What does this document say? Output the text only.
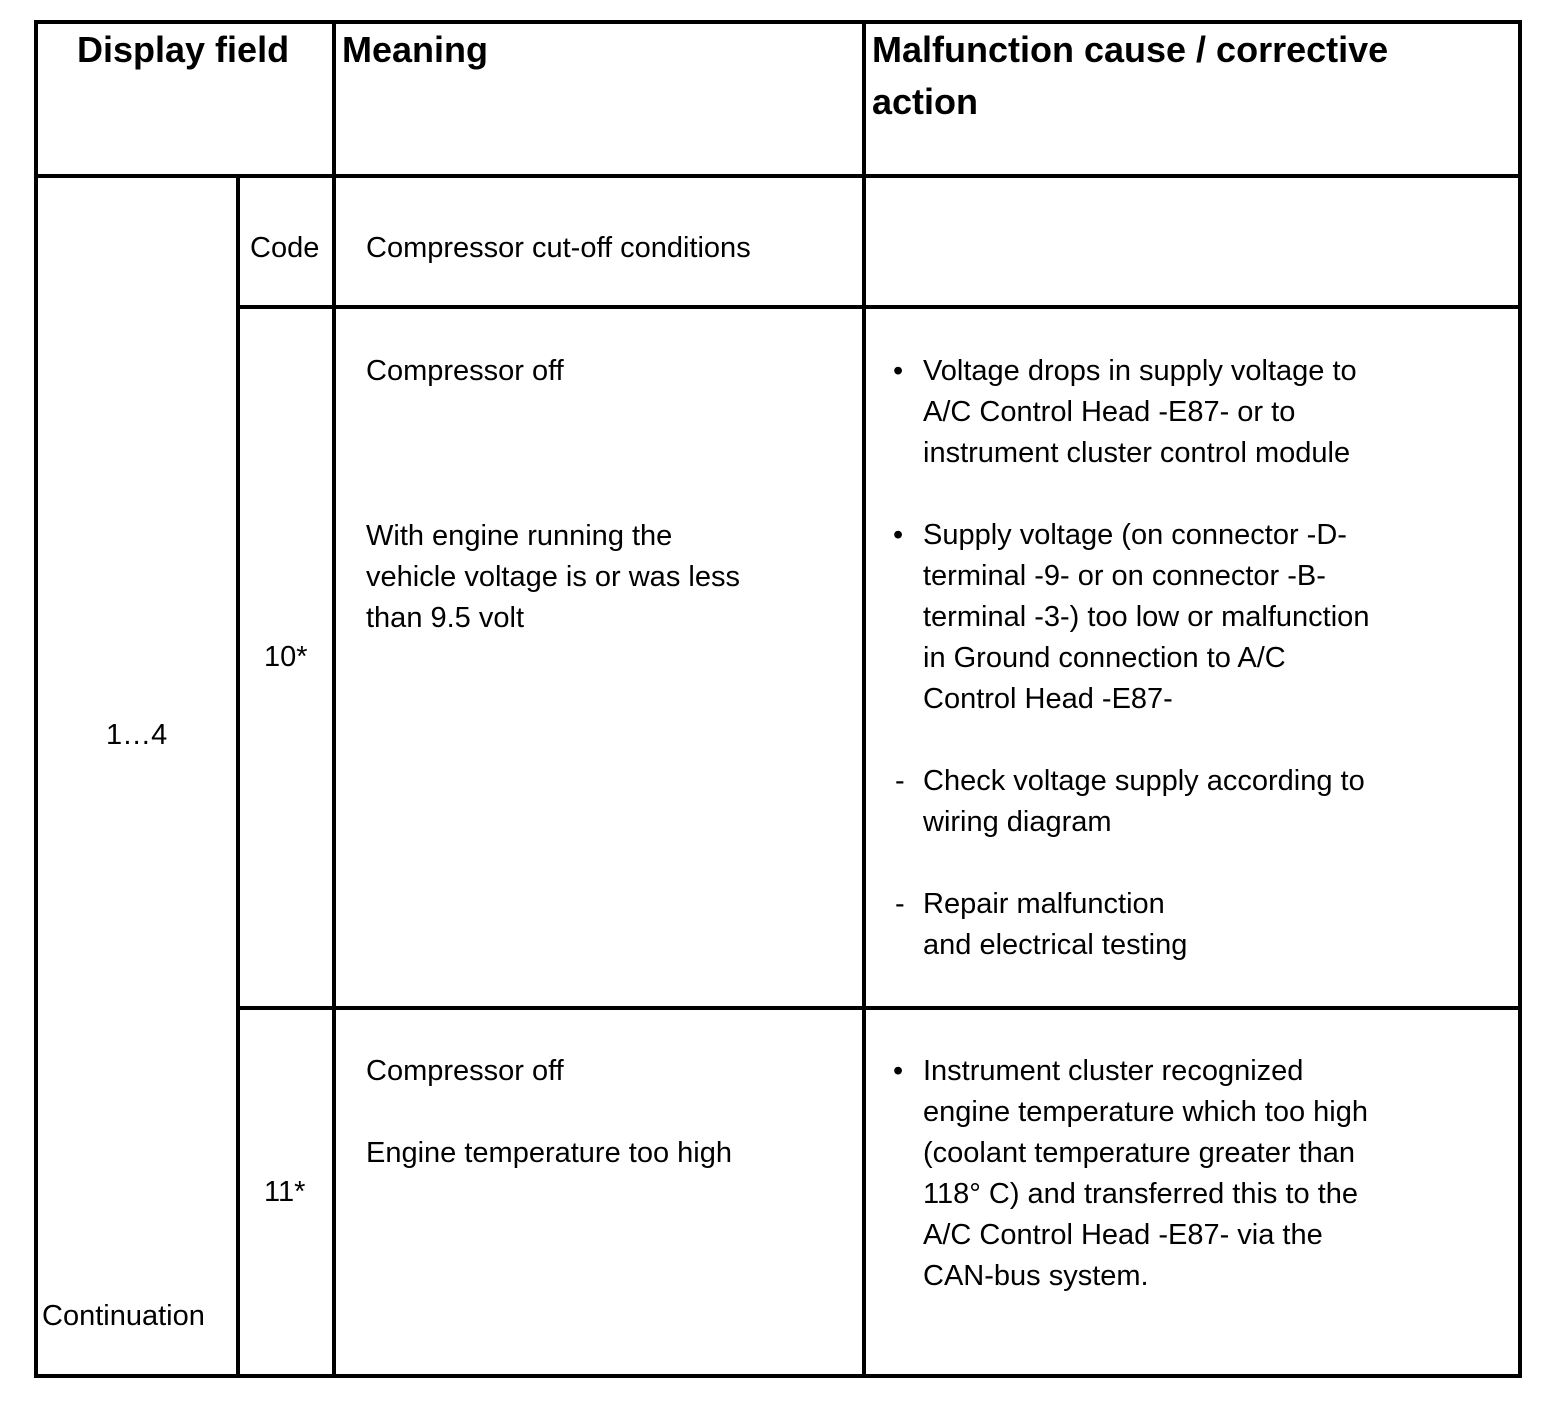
Display field Meaning	Malfunction cause / corrective
action
1…4
Continuation
Code Compressor cut-off conditions
10*
Compressor off
With engine running the
vehicle voltage is or was less
than 9.5 volt
• Voltage drops in supply voltage to
A/C Control Head -E87- or to
instrument cluster control module
• Supply voltage (on connector -D-
terminal -9- or on connector -B-
terminal -3-) too low or malfunction
in Ground connection to A/C
Control Head -E87-
- Check voltage supply according to
wiring diagram
- Repair malfunction
and electrical testing
11*
Compressor off
Engine temperature too high
• Instrument cluster recognized
engine temperature which too high
(coolant temperature greater than
118° C) and transferred this to the
A/C Control Head -E87- via the
CAN-bus system.
